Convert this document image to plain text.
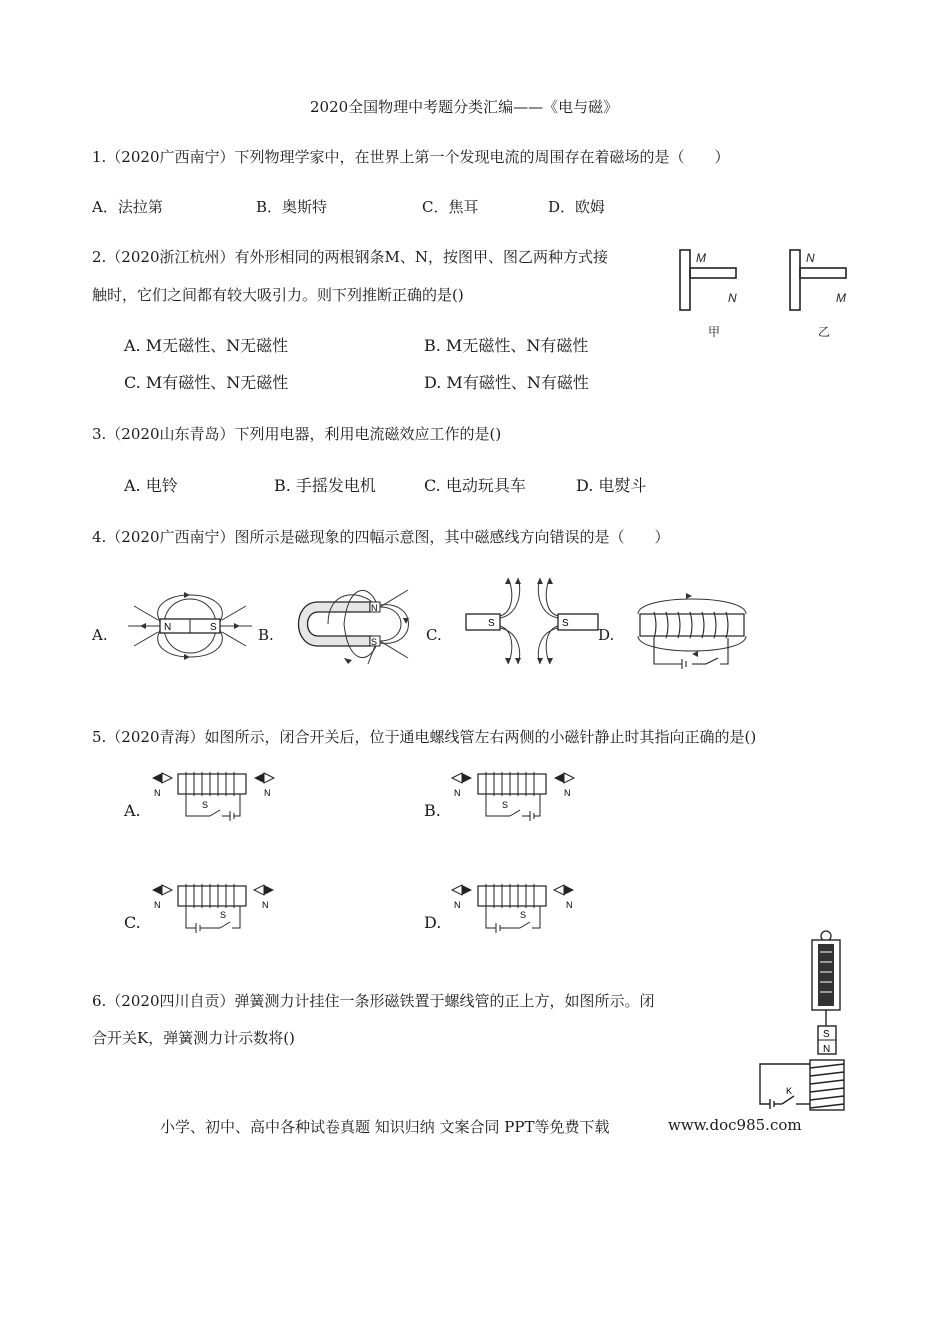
2020全国物理中考题分类汇编——《电与磁》
1.（2020广西南宁）下列物理学家中，在世界上第一个发现电流的周围存在着磁场的是（　　）
A．法拉第	B．奥斯特	C．焦耳	D．欧姆
2.（2020浙江杭州）有外形相同的两根钢条M、N，按图甲、图乙两种方式接
触时，它们之间都有较大吸引力。则下列推断正确的是()
A. M无磁性、N无磁性	B. M无磁性、N有磁性
C. M有磁性、N无磁性	D. M有磁性、N有磁性
M
N
N
M
甲	乙
3.（2020山东青岛）下列用电器，利用电流磁效应工作的是()
A. 电铃	B. 手摇发电机	C. 电动玩具车	D. 电熨斗
4.（2020广西南宁）图所示是磁现象的四幅示意图，其中磁感线方向错误的是（　　）
A.	B.	C.	D.
N	S
N
S
S	S
5.（2020青海）如图所示，闭合开关后，位于通电螺线管左右两侧的小磁针静止时其指向正确的是()
A.	B.
C.	D.
N	N
S
N	N
S
N	N
S
N	N
S
6.（2020四川自贡）弹簧测力计挂住一条形磁铁置于螺线管的正上方，如图所示。闭
合开关K，弹簧测力计示数将()	S
N
K
小学、初中、高中各种试卷真题 知识归纳 文案合同 PPT等免费下载	www.doc985.com
